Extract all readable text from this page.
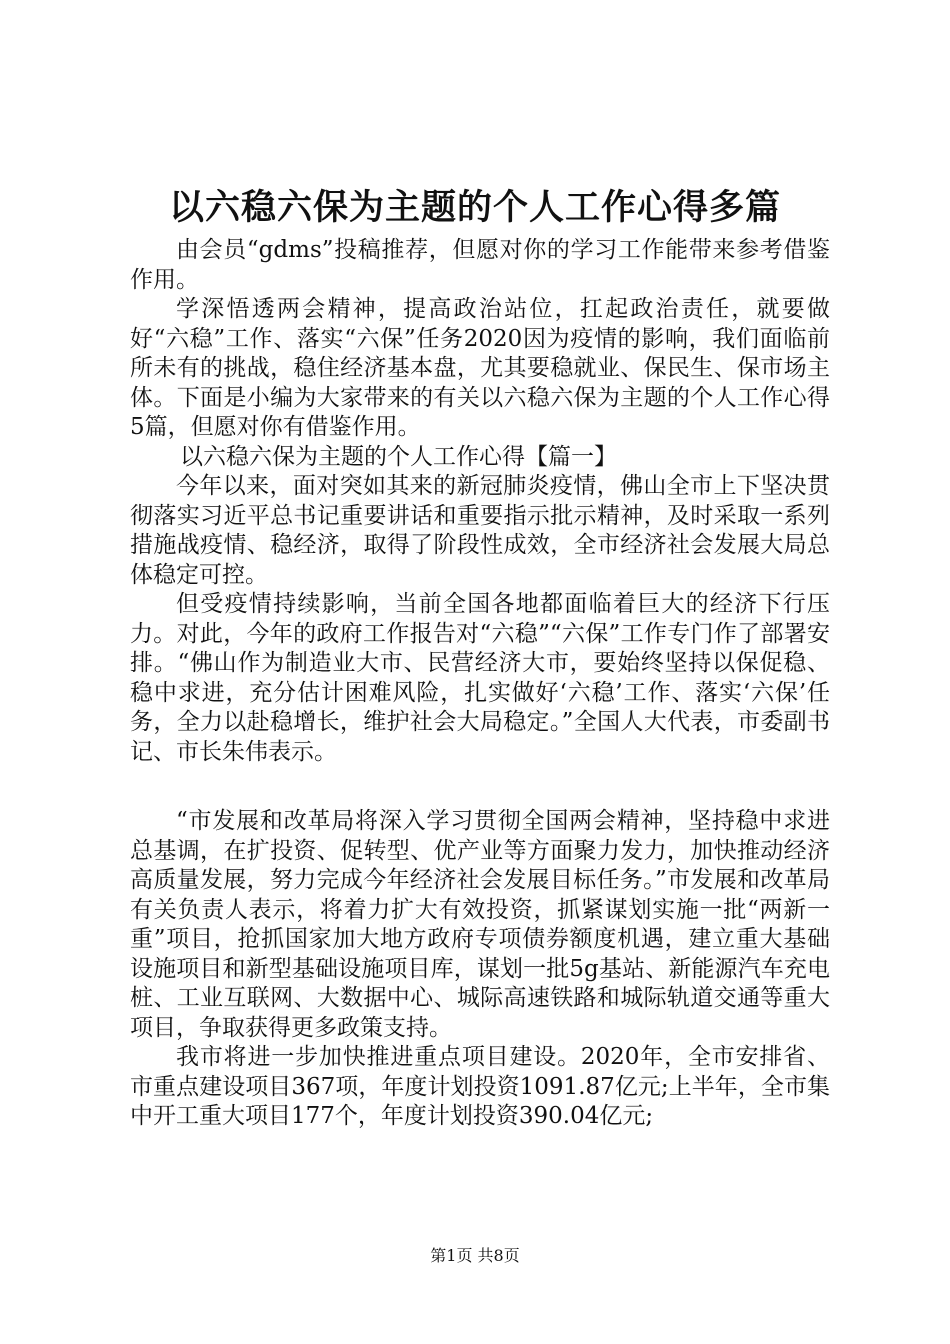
以六稳六保为主题的个人工作心得多篇

由会员“gdms”投稿推荐，但愿对你的学习工作能带来参考借鉴作用。

学深悟透两会精神，提高政治站位，扛起政治责任，就要做好“六稳”工作、落实“六保”任务2020因为疫情的影响，我们面临前所未有的挑战，稳住经济基本盘，尤其要稳就业、保民生、保市场主体。下面是小编为大家带来的有关以六稳六保为主题的个人工作心得5篇，但愿对你有借鉴作用。

以六稳六保为主题的个人工作心得【篇一】

今年以来，面对突如其来的新冠肺炎疫情，佛山全市上下坚决贯彻落实习近平总书记重要讲话和重要指示批示精神，及时采取一系列措施战疫情、稳经济，取得了阶段性成效，全市经济社会发展大局总体稳定可控。

但受疫情持续影响，当前全国各地都面临着巨大的经济下行压力。对此，今年的政府工作报告对“六稳”“六保”工作专门作了部署安排。“佛山作为制造业大市、民营经济大市，要始终坚持以保促稳、稳中求进，充分估计困难风险，扎实做好‘六稳’工作、落实‘六保’任务，全力以赴稳增长，维护社会大局稳定。”全国人大代表，市委副书记、市长朱伟表示。

“市发展和改革局将深入学习贯彻全国两会精神，坚持稳中求进总基调，在扩投资、促转型、优产业等方面聚力发力，加快推动经济高质量发展，努力完成今年经济社会发展目标任务。”市发展和改革局有关负责人表示，将着力扩大有效投资，抓紧谋划实施一批“两新一重”项目，抢抓国家加大地方政府专项债券额度机遇，建立重大基础设施项目和新型基础设施项目库，谋划一批5g基站、新能源汽车充电桩、工业互联网、大数据中心、城际高速铁路和城际轨道交通等重大项目，争取获得更多政策支持。

我市将进一步加快推进重点项目建设。2020年，全市安排省、市重点建设项目367项，年度计划投资1091.87亿元;上半年，全市集中开工重大项目177个，年度计划投资390.04亿元;

第1页 共8页
